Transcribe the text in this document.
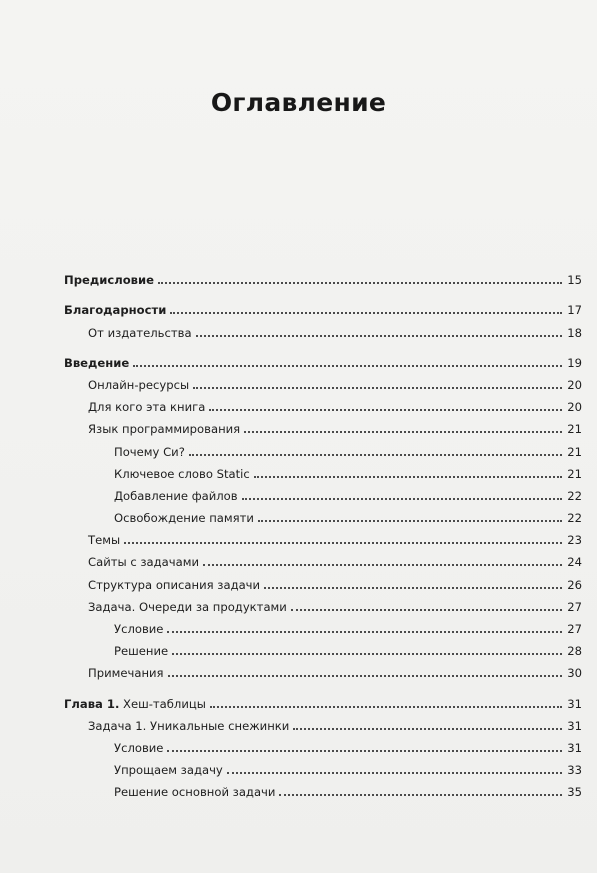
Оглавление
Предисловие	15
Благодарности	17
От издательства	18
Введение	19
Онлайн-ресурсы	20
Для кого эта книга	20
Язык программирования	21
Почему Си?	21
Ключевое слово Static	21
Добавление файлов	22
Освобождение памяти	22
Темы	23
Сайты с задачами	24
Структура описания задачи	26
Задача. Очереди за продуктами	27
Условие	27
Решение	28
Примечания	30
Глава 1. Хеш-таблицы	31
Задача 1. Уникальные снежинки	31
Условие	31
Упрощаем задачу	33
Решение основной задачи	35
